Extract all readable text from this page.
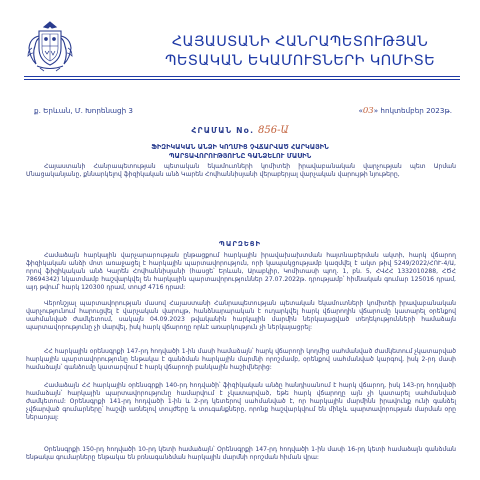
ՀԱՅԱՍՏԱՆԻ ՀԱՆՐԱՊԵՏՈՒԹՅԱՆ
ՊԵՏԱԿԱՆ ԵԿԱՄՈՒՏՆԵՐԻ ԿՈՄԻՏԵ
ք. Երևան, Մ. Խորենացի 3	«03» հոկտեմբեր 2023թ.
ՀՐԱՄԱՆ No. 856-Ա
ՖԻԶԻԿԱԿԱՆ ԱՆՁԻ ԿՈՂՄԻՑ ՉՎՃԱՐՎԱԾ ՀԱՐԿԱՅԻՆ
ՊԱՐՏԱՎՈՐՈՒԹՅՈՒՆԸ ԳԱՆՁԵԼՈՒ ՄԱՍԻՆ

Հայաստանի Հանրապետության պետական եկամուտների կոմիտեի իրավաբանական վարչության պետ Արման Մնացականյանը, քննարկելով ֆիզիկական անձ Կարեն Հովհաննիսյանի վերաբերյալ վարչական վարույթի նյութերը,

ՊԱՐԶԵՑԻ

Համաձայն հարկային վարչարարության ընթացքում հարկային իրավախախտման հայտնաբերման ակտի, հարկ վճարող ֆիզիկական անձի մոտ առաջացել է հարկային պարտավորություն, որի կապակցությամբ կազմվել է ակտ թիվ 5249/2022/ՀՈՒ-4/Ա, որով ֆիզիկական անձ Կարեն Հովհաննիսյանի (հասցե՝ Երևան, Արաբկիր, Կոմիտասի պող. 1, բն. 5, ՀՎՀՀ 1332010288, ՀԾՀ 78694342) նկատմամբ հաշվարկվել են հարկային պարտավորություններ 27.07.2022թ. դրությամբ՝ հիմնական գումար 125016 դրամ, այդ թվում՝ հարկ 120300 դրամ, տույժ 4716 դրամ:

Վերոնշյալ պարտավորության մասով Հայաստանի Հանրապետության պետական եկամուտների կոմիտեի իրավաբանական վարչությունում հարուցվել է վարչական վարույթ, հանձնարարական է ուղարկվել հարկ վճարողին վճարումը կատարել օրենքով սահմանված ժամկետում, սակայն 04.09.2023 թվականին հարկային մարմին ներկայացված տեղեկությունների համաձայն պարտավորությունը չի մարվել, իսկ հարկ վճարողը որևէ առարկություն չի ներկայացրել:

ՀՀ հարկային օրենսգրքի 147-րդ հոդվածի 1-ին մասի համաձայն՝ հարկ վճարողի կողմից սահմանված ժամկետում չկատարված հարկային պարտավորությունը ենթակա է գանձման հարկային մարմնի որոշմամբ, օրենքով սահմանված կարգով, իսկ 2-րդ մասի համաձայն՝ գանձումը կատարվում է հարկ վճարողի բանկային հաշիվներից:

Համաձայն ՀՀ հարկային օրենսգրքի 140-րդ հոդվածի՝ ֆիզիկական անձը հանդիսանում է հարկ վճարող, իսկ 143-րդ հոդվածի համաձայն՝ հարկային պարտավորությունը համարվում է չկատարված, եթե հարկ վճարողը այն չի կատարել սահմանված ժամկետում: Օրենսգրքի 141-րդ հոդվածի 1-ին և 2-րդ կետերով սահմանված է, որ հարկային մարմինն իրավունք ունի գանձել չվճարված գումարները՝ հաշվի առնելով տույժերը և տուգանքները, որոնք հաշվարկվում են մինչև պարտավորության մարման օրը ներառյալ:

Օրենսգրքի 150-րդ հոդվածի 10-րդ կետի համաձայն՝ Օրենսգրքի 147-րդ հոդվածի 1-ին մասի 16-րդ կետի համաձայն գանձման ենթակա գումարները ենթակա են բռնագանձման հարկային մարմնի որոշման հիման վրա:
